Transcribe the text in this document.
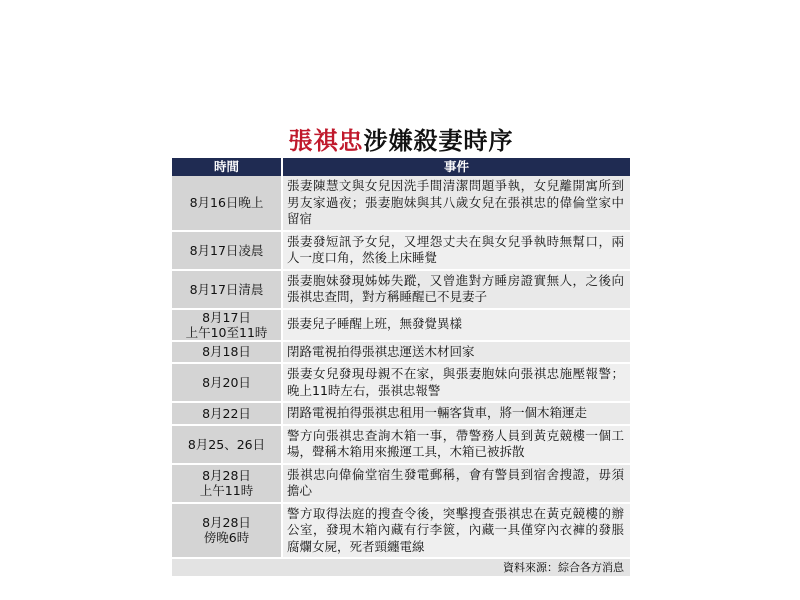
張祺忠涉嫌殺妻時序
時間	事件

8月16日晚上	張妻陳慧文與女兒因洗手間清潔問題爭執，女兒離開寓所到男友家過夜；張妻胞妹與其八歲女兒在張祺忠的偉倫堂家中留宿

8月17日凌晨	張妻發短訊予女兒，又埋怨丈夫在與女兒爭執時無幫口，兩人一度口角，然後上床睡覺

8月17日清晨	張妻胞妹發現姊姊失蹤，又曾進對方睡房證實無人，之後向張祺忠查問，對方稱睡醒已不見妻子

8月17日
上午10至11時	張妻兒子睡醒上班，無發覺異樣

8月18日	閉路電視拍得張祺忠運送木材回家

8月20日	張妻女兒發現母親不在家，與張妻胞妹向張祺忠施壓報警；晚上11時左右，張祺忠報警

8月22日	閉路電視拍得張祺忠租用一輛客貨車，將一個木箱運走

8月25、26日	警方向張祺忠查詢木箱一事，帶警務人員到黃克競樓一個工場，聲稱木箱用來搬運工具，木箱已被拆散

8月28日
上午11時	張祺忠向偉倫堂宿生發電郵稱，會有警員到宿舍搜證，毋須擔心

8月28日
傍晚6時	警方取得法庭的搜查令後，突擊搜查張祺忠在黃克競樓的辦公室，發現木箱內藏有行李篋，內藏一具僅穿內衣褲的發脹腐爛女屍，死者頸纏電線
資料來源：綜合各方消息
